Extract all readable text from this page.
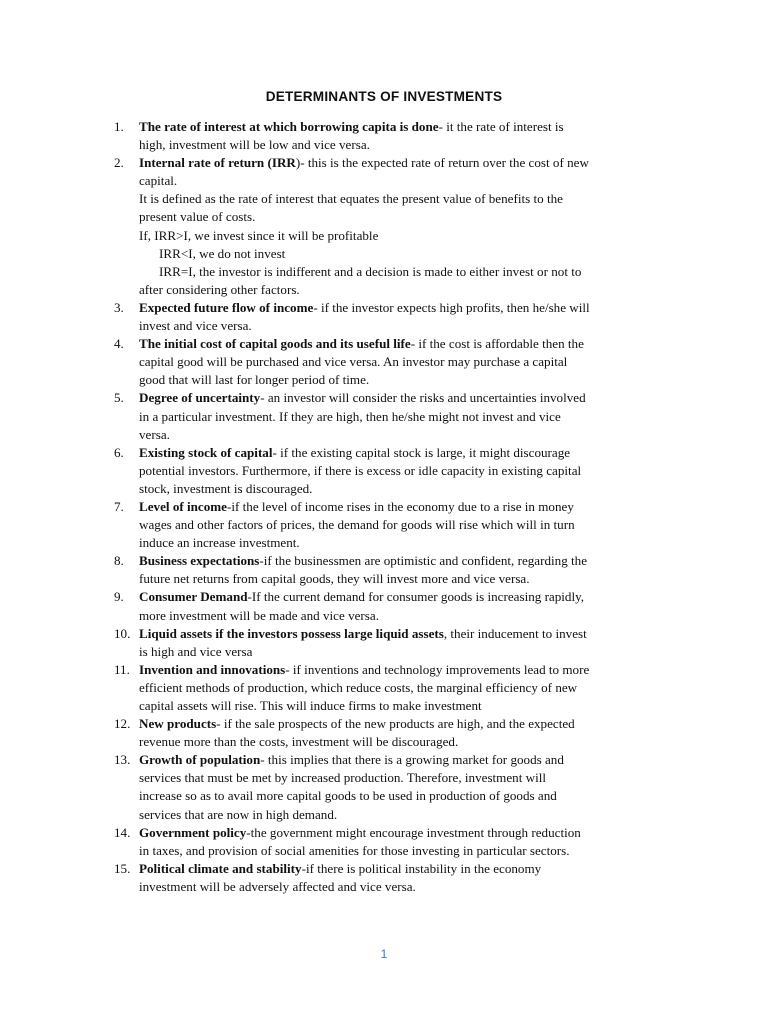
DETERMINANTS OF INVESTMENTS
1. The rate of interest at which borrowing capita is done- it the rate of interest is
high, investment will be low and vice versa.
2. Internal rate of return (IRR)- this is the expected rate of return over the cost of new
capital.
It is defined as the rate of interest that equates the present value of benefits to the
present value of costs.
If, IRR>I, we invest since it will be profitable
IRR<I, we do not invest
IRR=I, the investor is indifferent and a decision is made to either invest or not to
after considering other factors.
3. Expected future flow of income- if the investor expects high profits, then he/she will
invest and vice versa.
4. The initial cost of capital goods and its useful life- if the cost is affordable then the
capital good will be purchased and vice versa. An investor may purchase a capital
good that will last for longer period of time.
5. Degree of uncertainty- an investor will consider the risks and uncertainties involved
in a particular investment. If they are high, then he/she might not invest and vice
versa.
6. Existing stock of capital- if the existing capital stock is large, it might discourage
potential investors. Furthermore, if there is excess or idle capacity in existing capital
stock, investment is discouraged.
7. Level of income-if the level of income rises in the economy due to a rise in money
wages and other factors of prices, the demand for goods will rise which will in turn
induce an increase investment.
8. Business expectations-if the businessmen are optimistic and confident, regarding the
future net returns from capital goods, they will invest more and vice versa.
9. Consumer Demand-If the current demand for consumer goods is increasing rapidly,
more investment will be made and vice versa.
10. Liquid assets if the investors possess large liquid assets, their inducement to invest
is high and vice versa
11. Invention and innovations- if inventions and technology improvements lead to more
efficient methods of production, which reduce costs, the marginal efficiency of new
capital assets will rise. This will induce firms to make investment
12. New products- if the sale prospects of the new products are high, and the expected
revenue more than the costs, investment will be discouraged.
13. Growth of population- this implies that there is a growing market for goods and
services that must be met by increased production. Therefore, investment will
increase so as to avail more capital goods to be used in production of goods and
services that are now in high demand.
14. Government policy-the government might encourage investment through reduction
in taxes, and provision of social amenities for those investing in particular sectors.
15. Political climate and stability-if there is political instability in the economy
investment will be adversely affected and vice versa.
1
